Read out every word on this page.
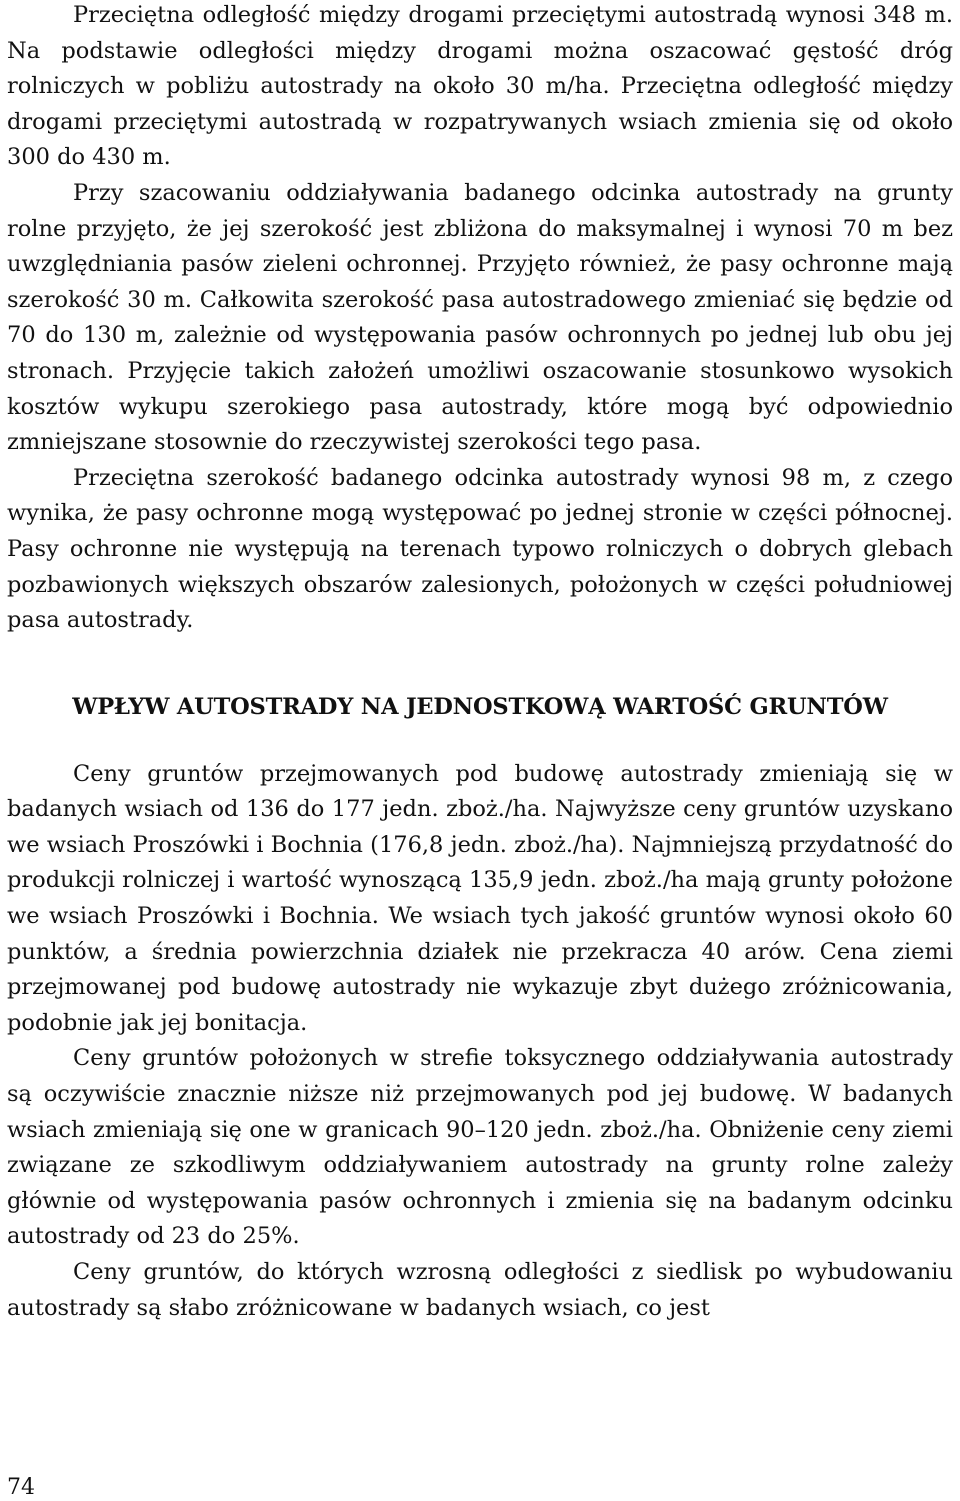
Przeciętna odległość między drogami przeciętymi autostradą wynosi 348 m. Na podstawie odległości między drogami można oszacować gęstość dróg rolniczych w pobliżu autostrady na około 30 m/ha. Przeciętna odległość między drogami przeciętymi autostradą w rozpatrywanych wsiach zmienia się od około 300 do 430 m.

Przy szacowaniu oddziaływania badanego odcinka autostrady na grunty rolne przyjęto, że jej szerokość jest zbliżona do maksymalnej i wynosi 70 m bez uwzględniania pasów zieleni ochronnej. Przyjęto również, że pasy ochronne mają szerokość 30 m. Całkowita szerokość pasa autostradowego zmieniać się będzie od 70 do 130 m, zależnie od występowania pasów ochronnych po jednej lub obu jej stronach. Przyjęcie takich założeń umożliwi oszacowanie stosunkowo wysokich kosztów wykupu szerokiego pasa autostrady, które mogą być odpowiednio zmniejszane stosownie do rzeczywistej szerokości tego pasa.

Przeciętna szerokość badanego odcinka autostrady wynosi 98 m, z czego wynika, że pasy ochronne mogą występować po jednej stronie w części północnej. Pasy ochronne nie występują na terenach typowo rolniczych o dobrych glebach pozbawionych większych obszarów zalesionych, położonych w części południowej pasa autostrady.

WPŁYW AUTOSTRADY NA JEDNOSTKOWĄ WARTOŚĆ GRUNTÓW

Ceny gruntów przejmowanych pod budowę autostrady zmieniają się w badanych wsiach od 136 do 177 jedn. zboż./ha. Najwyższe ceny gruntów uzyskano we wsiach Proszówki i Bochnia (176,8 jedn. zboż./ha). Najmniejszą przydatność do produkcji rolniczej i wartość wynoszącą 135,9 jedn. zboż./ha mają grunty położone we wsiach Proszówki i Bochnia. We wsiach tych jakość gruntów wynosi około 60 punktów, a średnia powierzchnia działek nie przekracza 40 arów. Cena ziemi przejmowanej pod budowę autostrady nie wykazuje zbyt dużego zróżnicowania, podobnie jak jej bonitacja.

Ceny gruntów położonych w strefie toksycznego oddziaływania autostrady są oczywiście znacznie niższe niż przejmowanych pod jej budowę. W badanych wsiach zmieniają się one w granicach 90–120 jedn. zboż./ha. Obniżenie ceny ziemi związane ze szkodliwym oddziaływaniem autostrady na grunty rolne zależy głównie od występowania pasów ochronnych i zmienia się na badanym odcinku autostrady od 23 do 25%.

Ceny gruntów, do których wzrosną odległości z siedlisk po wybudowaniu autostrady są słabo zróżnicowane w badanych wsiach, co jest

74
